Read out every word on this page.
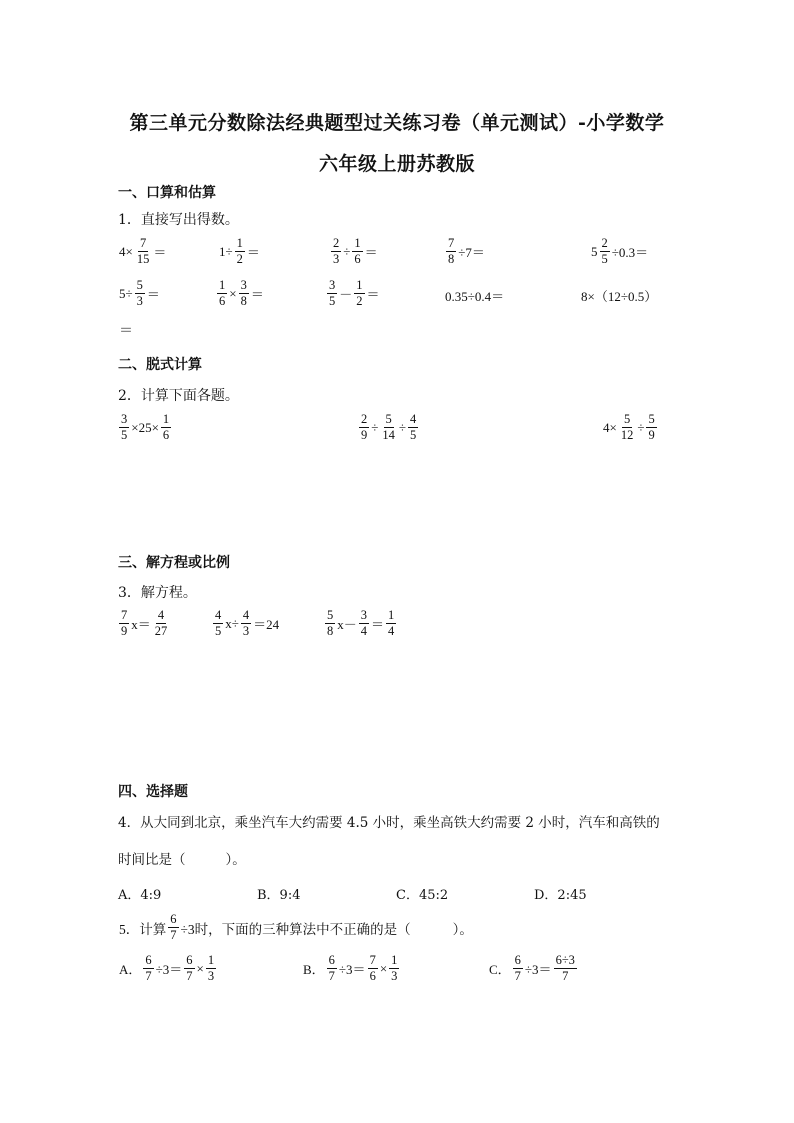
第三单元分数除法经典题型过关练习卷（单元测试）-小学数学
六年级上册苏教版
一、口算和估算
1．直接写出得数。
$4\times \frac{7}{15}$ ＝	$1\div \frac{1}{2}$ ＝	$\frac{2}{3} \div \frac{1}{6}$ ＝	$\frac{7}{8} \div 7=$	$5 \frac{2}{5} \div 0.3=$
$5\div \frac{5}{3}$ ＝	$\frac{1}{6} \times \frac{3}{8}$ ＝	$\frac{3}{5} - \frac{1}{2}$ ＝	0.35÷0.4＝	8×（12÷0.5）
＝
二、脱式计算
2．计算下面各题。
$\frac{3}{5} \times 25\times \frac{1}{6}$	$\frac{2}{9} \div \frac{5}{14} \div \frac{4}{5}$	$4\times \frac{5}{12} \div \frac{5}{9}$
三、解方程或比例
3．解方程。
$\frac{7}{9} x= \frac{4}{27}$	$\frac{4}{5} x\div \frac{4}{3} =24$	$\frac{5}{8} x- \frac{3}{4} = \frac{1}{4}$
四、选择题
4．从大同到北京，乘坐汽车大约需要 4.5 小时，乘坐高铁大约需要 2 小时，汽车和高铁的
时间比是（	）。
A．4:9	B．9:4	C．45:2	D．2:45
5．计算 $\frac{6}{7} \div 3$时，下面的三种算法中不正确的是（	）。
A． $\frac{6}{7} \div 3= \frac{6}{7} \times \frac{1}{3}$	B． $\frac{6}{7} \div 3= \frac{7}{6} \times \frac{1}{3}$	C． $\frac{6}{7} \div 3= \frac{6\div 3}{7}$
